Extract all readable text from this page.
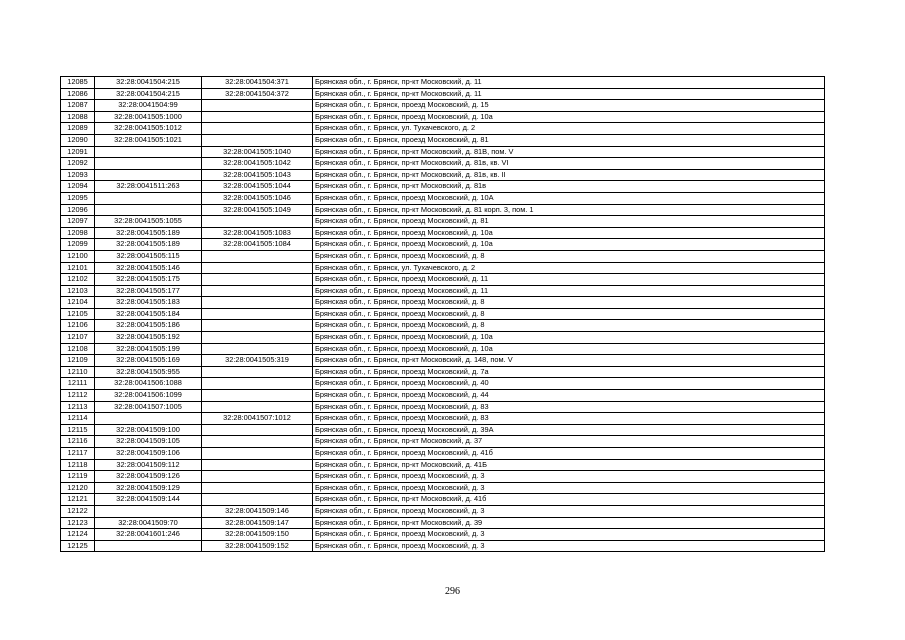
12085	32:28:0041504:215	32:28:0041504:371	Брянская обл., г. Брянск, пр-кт Московский, д. 11
12086	32:28:0041504:215	32:28:0041504:372	Брянская обл., г. Брянск, пр-кт Московский, д. 11
12087	32:28:0041504:99		Брянская обл., г. Брянск, проезд Московский, д. 15
12088	32:28:0041505:1000		Брянская обл., г. Брянск, проезд Московский, д. 10а
12089	32:28:0041505:1012		Брянская обл., г. Брянск, ул. Тухачевского, д. 2
12090	32:28:0041505:1021		Брянская обл., г. Брянск, проезд Московский, д. 81
12091		32:28:0041505:1040	Брянская обл., г. Брянск, пр-кт Московский, д. 81В, пом. V
12092		32:28:0041505:1042	Брянская обл., г. Брянск, пр-кт Московский, д. 81в, кв. VI
12093		32:28:0041505:1043	Брянская обл., г. Брянск, пр-кт Московский, д. 81в, кв. II
12094	32:28:0041511:263	32:28:0041505:1044	Брянская обл., г. Брянск, пр-кт Московский, д. 81в
12095		32:28:0041505:1046	Брянская обл., г. Брянск, проезд Московский, д. 10А
12096		32:28:0041505:1049	Брянская обл., г. Брянск, пр-кт Московский, д. 81 корп. 3, пом. 1
12097	32:28:0041505:1055		Брянская обл., г. Брянск, проезд Московский, д. 81
12098	32:28:0041505:189	32:28:0041505:1083	Брянская обл., г. Брянск, проезд Московский, д. 10а
12099	32:28:0041505:189	32:28:0041505:1084	Брянская обл., г. Брянск, проезд Московский, д. 10а
12100	32:28:0041505:115		Брянская обл., г. Брянск, проезд Московский, д. 8
12101	32:28:0041505:146		Брянская обл., г. Брянск, ул. Тухачевского, д. 2
12102	32:28:0041505:175		Брянская обл., г. Брянск, проезд Московский, д. 11
12103	32:28:0041505:177		Брянская обл., г. Брянск, проезд Московский, д. 11
12104	32:28:0041505:183		Брянская обл., г. Брянск, проезд Московский, д. 8
12105	32:28:0041505:184		Брянская обл., г. Брянск, проезд Московский, д. 8
12106	32:28:0041505:186		Брянская обл., г. Брянск, проезд Московский, д. 8
12107	32:28:0041505:192		Брянская обл., г. Брянск, проезд Московский, д. 10а
12108	32:28:0041505:199		Брянская обл., г. Брянск, проезд Московский, д. 10а
12109	32:28:0041505:169	32:28:0041505:319	Брянская обл., г. Брянск, пр-кт Московский, д. 148, пом. V
12110	32:28:0041505:955		Брянская обл., г. Брянск, проезд Московский, д. 7а
12111	32:28:0041506:1088		Брянская обл., г. Брянск, проезд Московский, д. 40
12112	32:28:0041506:1099		Брянская обл., г. Брянск, проезд Московский, д. 44
12113	32:28:0041507:1005		Брянская обл., г. Брянск, проезд Московский, д. 83
12114		32:28:0041507:1012	Брянская обл., г. Брянск, проезд Московский, д. 83
12115	32:28:0041509:100		Брянская обл., г. Брянск, проезд Московский, д. 39А
12116	32:28:0041509:105		Брянская обл., г. Брянск, пр-кт Московский, д. 37
12117	32:28:0041509:106		Брянская обл., г. Брянск, проезд Московский, д. 41б
12118	32:28:0041509:112		Брянская обл., г. Брянск, пр-кт Московский, д. 41Б
12119	32:28:0041509:126		Брянская обл., г. Брянск, проезд Московский, д. 3
12120	32:28:0041509:129		Брянская обл., г. Брянск, проезд Московский, д. 3
12121	32:28:0041509:144		Брянская обл., г. Брянск, пр-кт Московский, д. 41б
12122		32:28:0041509:146	Брянская обл., г. Брянск, проезд Московский, д. 3
12123	32:28:0041509:70	32:28:0041509:147	Брянская обл., г. Брянск, пр-кт Московский, д. 39
12124	32:28:0041601:246	32:28:0041509:150	Брянская обл., г. Брянск, проезд Московский, д. 3
12125		32:28:0041509:152	Брянская обл., г. Брянск, проезд Московский, д. 3
296
